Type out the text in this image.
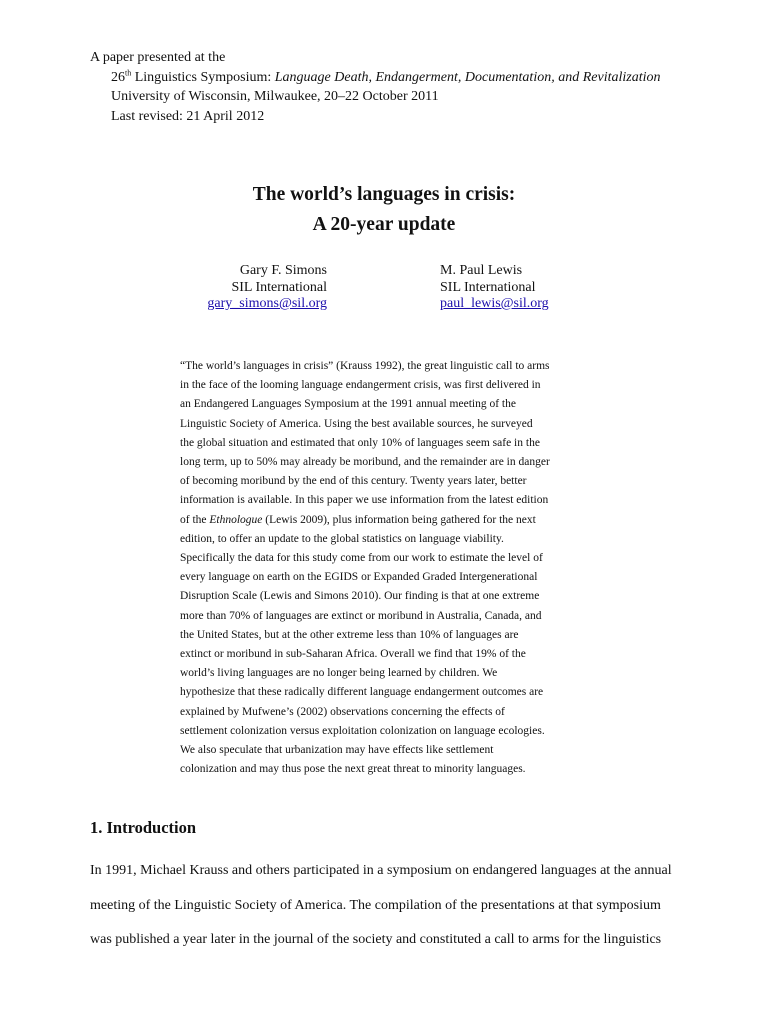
A paper presented at the
26th Linguistics Symposium: Language Death, Endangerment, Documentation, and Revitalization
University of Wisconsin, Milwaukee, 20–22 October 2011
Last revised: 21 April 2012
The world’s languages in crisis:
A 20-year update
Gary F. Simons
SIL International
gary_simons@sil.org
M. Paul Lewis
SIL International
paul_lewis@sil.org
“The world’s languages in crisis” (Krauss 1992), the great linguistic call to arms
in the face of the looming language endangerment crisis, was first delivered in
an Endangered Languages Symposium at the 1991 annual meeting of the
Linguistic Society of America. Using the best available sources, he surveyed
the global situation and estimated that only 10% of languages seem safe in the
long term, up to 50% may already be moribund, and the remainder are in danger
of becoming moribund by the end of this century. Twenty years later, better
information is available. In this paper we use information from the latest edition
of the Ethnologue (Lewis 2009), plus information being gathered for the next
edition, to offer an update to the global statistics on language viability.
Specifically the data for this study come from our work to estimate the level of
every language on earth on the EGIDS or Expanded Graded Intergenerational
Disruption Scale (Lewis and Simons 2010). Our finding is that at one extreme
more than 70% of languages are extinct or moribund in Australia, Canada, and
the United States, but at the other extreme less than 10% of languages are
extinct or moribund in sub-Saharan Africa. Overall we find that 19% of the
world’s living languages are no longer being learned by children. We
hypothesize that these radically different language endangerment outcomes are
explained by Mufwene’s (2002) observations concerning the effects of
settlement colonization versus exploitation colonization on language ecologies.
We also speculate that urbanization may have effects like settlement
colonization and may thus pose the next great threat to minority languages.
1. Introduction
In 1991, Michael Krauss and others participated in a symposium on endangered languages at the annual
meeting of the Linguistic Society of America. The compilation of the presentations at that symposium
was published a year later in the journal of the society and constituted a call to arms for the linguistics
